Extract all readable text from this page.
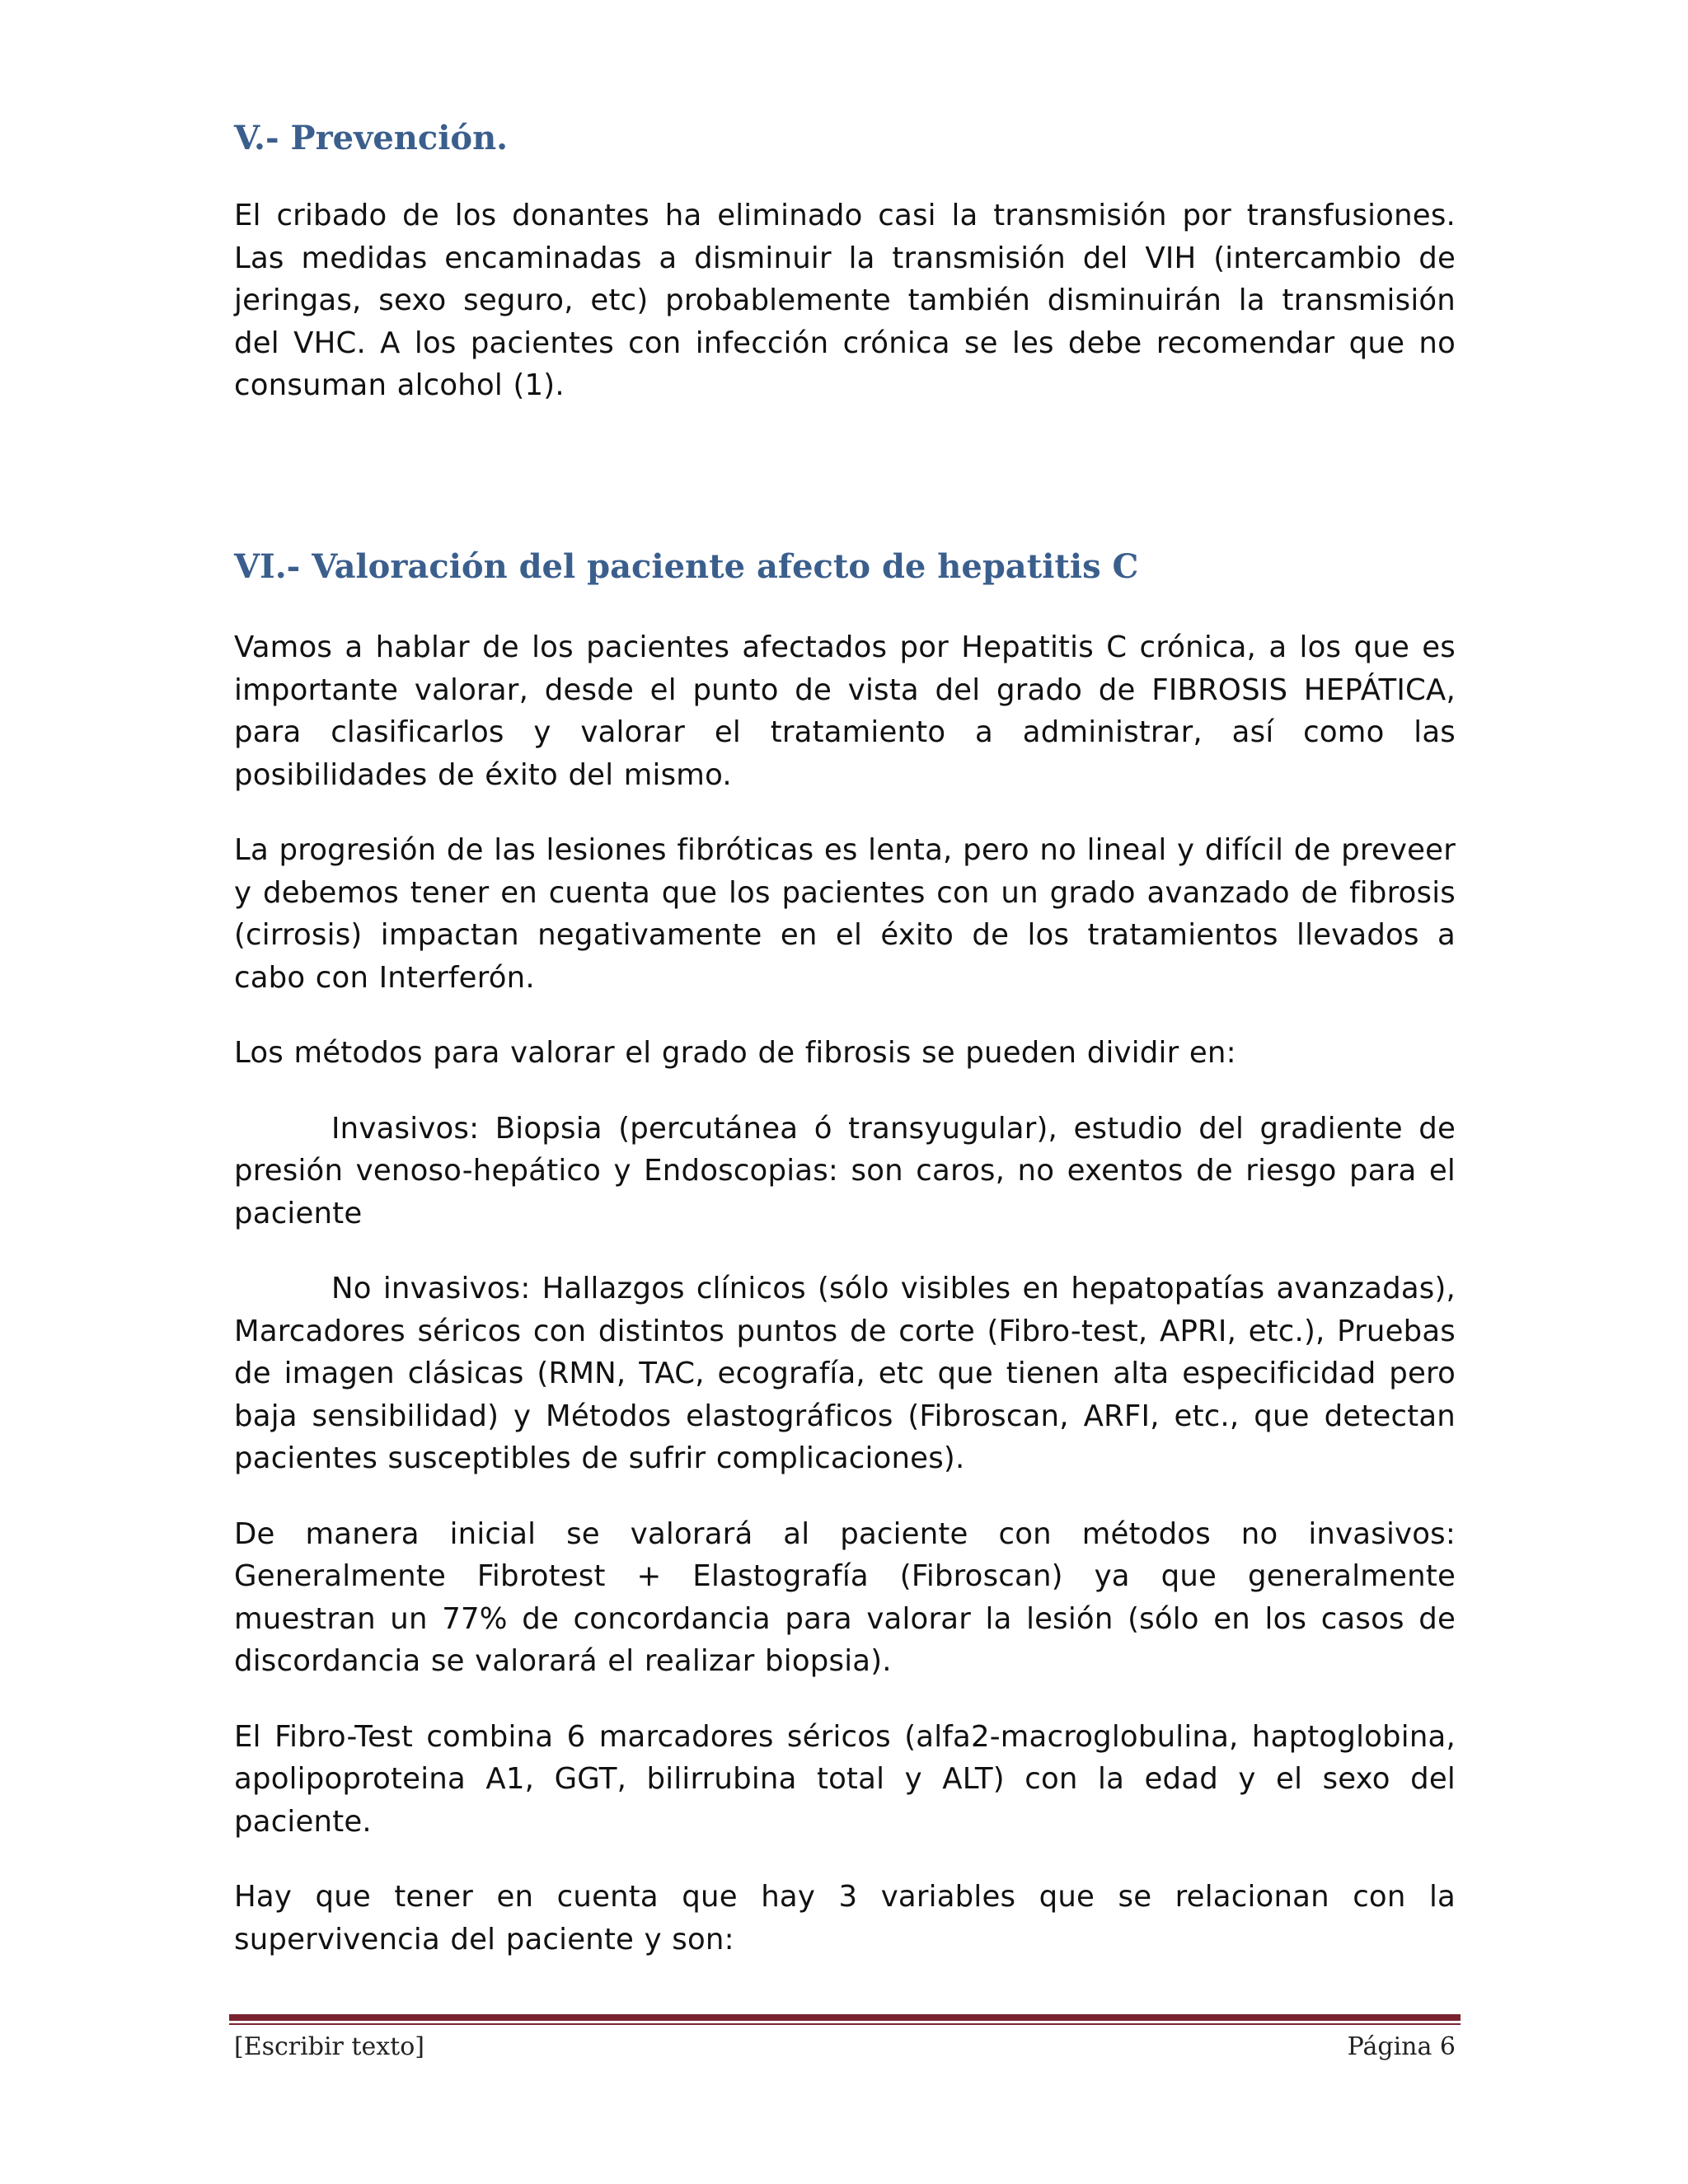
V.- Prevención.

El cribado de los donantes ha eliminado casi la transmisión por transfusiones. Las medidas encaminadas a disminuir la transmisión del VIH (intercambio de jeringas, sexo seguro, etc) probablemente también disminuirán la transmisión del VHC. A los pacientes con infección crónica se les debe recomendar que no consuman alcohol (1).

VI.- Valoración del paciente afecto de hepatitis C

Vamos a hablar de los pacientes afectados por Hepatitis C crónica, a los que es importante valorar, desde el punto de vista del grado de FIBROSIS HEPÁTICA, para clasificarlos y valorar el tratamiento a administrar, así como las posibilidades de éxito del mismo.

La progresión de las lesiones fibróticas es lenta, pero no lineal y difícil de preveer y debemos tener en cuenta que los pacientes con un grado avanzado de fibrosis (cirrosis) impactan negativamente en el éxito de los tratamientos llevados a cabo con Interferón.

Los métodos para valorar el grado de fibrosis se pueden dividir en:

Invasivos: Biopsia (percutánea ó transyugular), estudio del gradiente de presión venoso-hepático y Endoscopias: son caros, no exentos de riesgo para el paciente

No invasivos: Hallazgos clínicos (sólo visibles en hepatopatías avanzadas), Marcadores séricos con distintos puntos de corte (Fibro-test, APRI, etc.), Pruebas de imagen clásicas (RMN, TAC, ecografía, etc que tienen alta especificidad pero baja sensibilidad) y Métodos elastográficos (Fibroscan, ARFI, etc., que detectan pacientes susceptibles de sufrir complicaciones).

De manera inicial se valorará al paciente con métodos no invasivos: Generalmente Fibrotest + Elastografía (Fibroscan) ya que generalmente muestran un 77% de concordancia para valorar la lesión (sólo en los casos de discordancia se valorará el realizar biopsia).

El Fibro-Test combina 6 marcadores séricos (alfa2-macroglobulina, haptoglobina, apolipoproteina A1, GGT, bilirrubina total y ALT) con la edad y el sexo del paciente.

Hay que tener en cuenta que hay 3 variables que se relacionan con la supervivencia del paciente y son:

[Escribir texto]	Página 6
